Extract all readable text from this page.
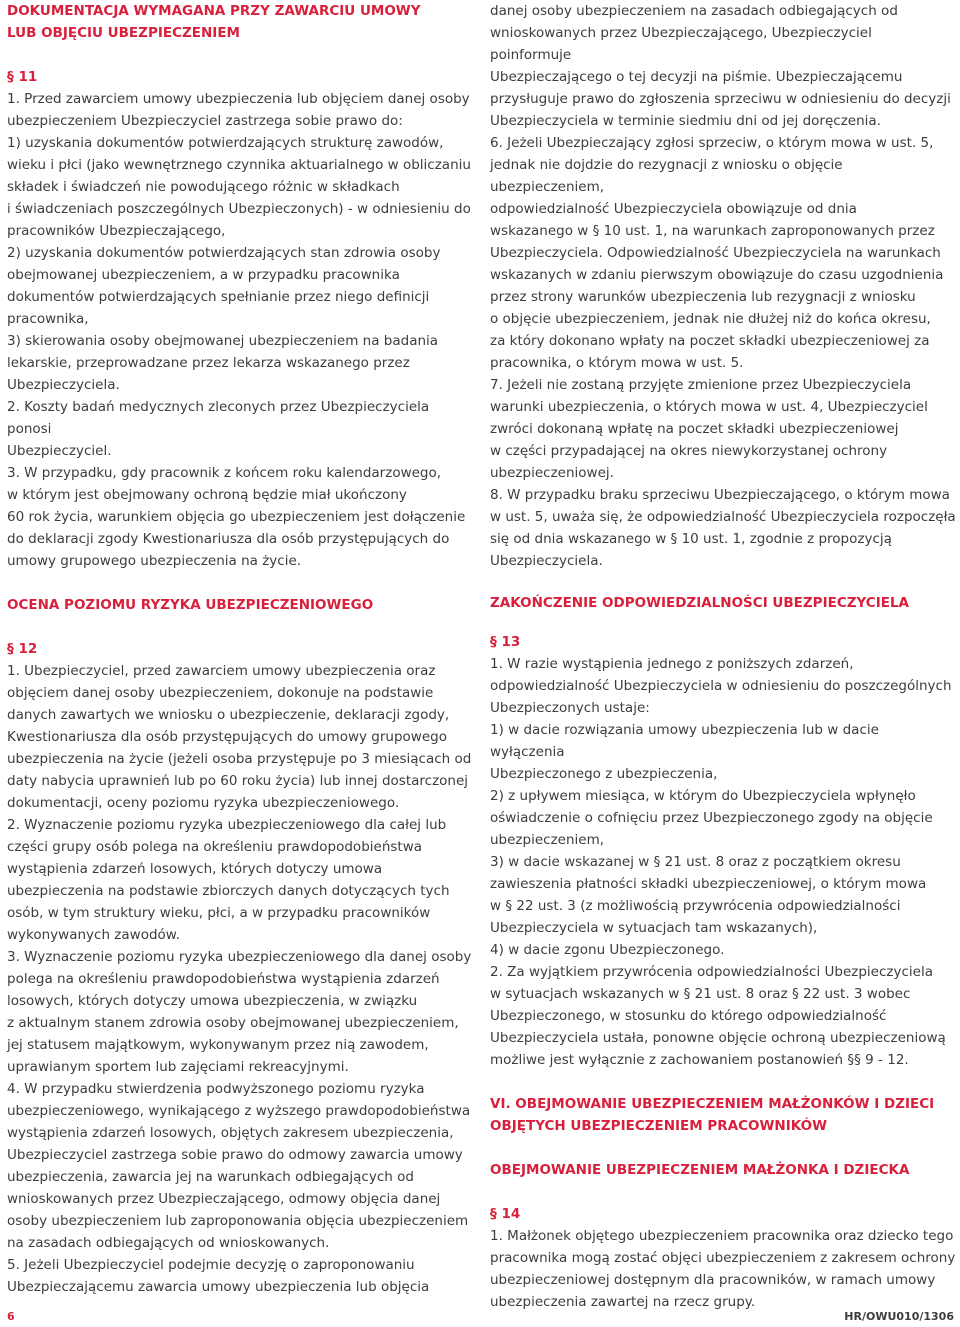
DOKUMENTACJA WYMAGANA PRZY ZAWARCIU UMOWY
LUB OBJĘCIU UBEZPIECZENIEM
§ 11

1. Przed zawarciem umowy ubezpieczenia lub objęciem danej osoby

ubezpieczeniem Ubezpieczyciel zastrzega sobie prawo do:

1) uzyskania dokumentów potwierdzających strukturę zawodów,

wieku i płci (jako wewnętrznego czynnika aktuarialnego w obliczaniu

składek i świadczeń nie powodującego różnic w składkach

i świadczeniach poszczególnych Ubezpieczonych) - w odniesieniu do

pracowników Ubezpieczającego,

2) uzyskania dokumentów potwierdzających stan zdrowia osoby

obejmowanej ubezpieczeniem, a w przypadku pracownika

dokumentów potwierdzających spełnianie przez niego definicji

pracownika,

3) skierowania osoby obejmowanej ubezpieczeniem na badania

lekarskie, przeprowadzane przez lekarza wskazanego przez

Ubezpieczyciela.

2. Koszty badań medycznych zleconych przez Ubezpieczyciela ponosi

Ubezpieczyciel.

3. W przypadku, gdy pracownik z końcem roku kalendarzowego,

w którym jest obejmowany ochroną będzie miał ukończony

60 rok życia, warunkiem objęcia go ubezpieczeniem jest dołączenie

do deklaracji zgody Kwestionariusza dla osób przystępujących do

umowy grupowego ubezpieczenia na życie.

OCENA POZIOMU RYZYKA UBEZPIECZENIOWEGO
§ 12

1. Ubezpieczyciel, przed zawarciem umowy ubezpieczenia oraz

objęciem danej osoby ubezpieczeniem, dokonuje na podstawie

danych zawartych we wniosku o ubezpieczenie, deklaracji zgody,

Kwestionariusza dla osób przystępujących do umowy grupowego

ubezpieczenia na życie (jeżeli osoba przystępuje po 3 miesiącach od

daty nabycia uprawnień lub po 60 roku życia) lub innej dostarczonej

dokumentacji, oceny poziomu ryzyka ubezpieczeniowego.

2. Wyznaczenie poziomu ryzyka ubezpieczeniowego dla całej lub

części grupy osób polega na określeniu prawdopodobieństwa

wystąpienia zdarzeń losowych, których dotyczy umowa

ubezpieczenia na podstawie zbiorczych danych dotyczących tych

osób, w tym struktury wieku, płci, a w przypadku pracowników

wykonywanych zawodów.

3. Wyznaczenie poziomu ryzyka ubezpieczeniowego dla danej osoby

polega na określeniu prawdopodobieństwa wystąpienia zdarzeń

losowych, których dotyczy umowa ubezpieczenia, w związku

z aktualnym stanem zdrowia osoby obejmowanej ubezpieczeniem,

jej statusem majątkowym, wykonywanym przez nią zawodem,

uprawianym sportem lub zajęciami rekreacyjnymi.

4. W przypadku stwierdzenia podwyższonego poziomu ryzyka

ubezpieczeniowego, wynikającego z wyższego prawdopodobieństwa

wystąpienia zdarzeń losowych, objętych zakresem ubezpieczenia,

Ubezpieczyciel zastrzega sobie prawo do odmowy zawarcia umowy

ubezpieczenia, zawarcia jej na warunkach odbiegających od

wnioskowanych przez Ubezpieczającego, odmowy objęcia danej

osoby ubezpieczeniem lub zaproponowania objęcia ubezpieczeniem

na zasadach odbiegających od wnioskowanych.

5. Jeżeli Ubezpieczyciel podejmie decyzję o zaproponowaniu

Ubezpieczającemu zawarcia umowy ubezpieczenia lub objęcia

danej osoby ubezpieczeniem na zasadach odbiegających od

wnioskowanych przez Ubezpieczającego, Ubezpieczyciel poinformuje

Ubezpieczającego o tej decyzji na piśmie. Ubezpieczającemu

przysługuje prawo do zgłoszenia sprzeciwu w odniesieniu do decyzji

Ubezpieczyciela w terminie siedmiu dni od jej doręczenia.

6. Jeżeli Ubezpieczający zgłosi sprzeciw, o którym mowa w ust. 5,

jednak nie dojdzie do rezygnacji z wniosku o objęcie ubezpieczeniem,

odpowiedzialność Ubezpieczyciela obowiązuje od dnia

wskazanego w § 10 ust. 1, na warunkach zaproponowanych przez

Ubezpieczyciela. Odpowiedzialność Ubezpieczyciela na warunkach

wskazanych w zdaniu pierwszym obowiązuje do czasu uzgodnienia

przez strony warunków ubezpieczenia lub rezygnacji z wniosku

o objęcie ubezpieczeniem, jednak nie dłużej niż do końca okresu,

za który dokonano wpłaty na poczet składki ubezpieczeniowej za

pracownika, o którym mowa w ust. 5.

7. Jeżeli nie zostaną przyjęte zmienione przez Ubezpieczyciela

warunki ubezpieczenia, o których mowa w ust. 4, Ubezpieczyciel

zwróci dokonaną wpłatę na poczet składki ubezpieczeniowej

w części przypadającej na okres niewykorzystanej ochrony

ubezpieczeniowej.

8. W przypadku braku sprzeciwu Ubezpieczającego, o którym mowa

w ust. 5, uważa się, że odpowiedzialność Ubezpieczyciela rozpoczęła

się od dnia wskazanego w § 10 ust. 1, zgodnie z propozycją

Ubezpieczyciela.

ZAKOŃCZENIE ODPOWIEDZIALNOŚCI UBEZPIECZYCIELA
§ 13

1. W razie wystąpienia jednego z poniższych zdarzeń,

odpowiedzialność Ubezpieczyciela w odniesieniu do poszczególnych

Ubezpieczonych ustaje:

1) w dacie rozwiązania umowy ubezpieczenia lub w dacie wyłączenia

Ubezpieczonego z ubezpieczenia,

2) z upływem miesiąca, w którym do Ubezpieczyciela wpłynęło

oświadczenie o cofnięciu przez Ubezpieczonego zgody na objęcie

ubezpieczeniem,

3) w dacie wskazanej w § 21 ust. 8 oraz z początkiem okresu

zawieszenia płatności składki ubezpieczeniowej, o którym mowa

w § 22 ust. 3 (z możliwością przywrócenia odpowiedzialności

Ubezpieczyciela w sytuacjach tam wskazanych),

4) w dacie zgonu Ubezpieczonego.

2. Za wyjątkiem przywrócenia odpowiedzialności Ubezpieczyciela

w sytuacjach wskazanych w § 21 ust. 8 oraz § 22 ust. 3 wobec

Ubezpieczonego, w stosunku do którego odpowiedzialność

Ubezpieczyciela ustała, ponowne objęcie ochroną ubezpieczeniową

możliwe jest wyłącznie z zachowaniem postanowień §§ 9 - 12.

VI. OBEJMOWANIE UBEZPIECZENIEM MAŁŻONKÓW I DZIECI
OBJĘTYCH UBEZPIECZENIEM PRACOWNIKÓW
OBEJMOWANIE UBEZPIECZENIEM MAŁŻONKA I DZIECKA
§ 14

1. Małżonek objętego ubezpieczeniem pracownika oraz dziecko tego

pracownika mogą zostać objęci ubezpieczeniem z zakresem ochrony

ubezpieczeniowej dostępnym dla pracowników, w ramach umowy

ubezpieczenia zawartej na rzecz grupy.

6	HR/OWU010/1306
